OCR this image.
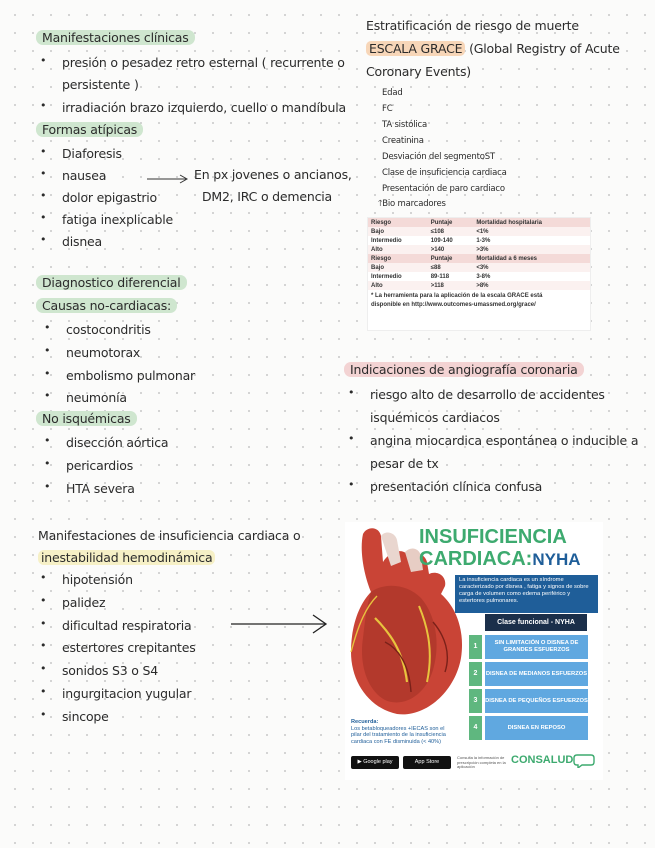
Manifestaciones clínicas
• presión o pesadez retro esternal ( recurrente o
persistente )
• irradiación brazo izquierdo, cuello o mandíbula
Formas atípicas
• Diaforesis
• nausea
• dolor epigastrio
• fatiga inexplicable
• disnea
En px jovenes o ancianos,
DM2, IRC o demencia
Diagnostico diferencial
Causas no-cardiacas:
• costocondritis
• neumotorax
• embolismo pulmonar
• neumonía
No isquémicas
• disección aórtica
• pericardios
• HTA severa
Manifestaciones de insuficiencia cardiaca o
inestabilidad hemodinámica
• hipotensión
• palidez
• dificultad respiratoria
• estertores crepitantes
• sonidos S3 o S4
• ingurgitacion yugular
• sincope
Estratificación de riesgo de muerte
ESCALA GRACE (Global Registry of Acute
Coronary Events)
Edad
FC
TA sistólica
Creatinina
Desviación del segmentoST
Clase de insuficiencia cardiaca
Presentación de paro cardiaco
🡑Bio marcadores
Riesgo	Puntaje	Mortalidad hospitalaria
Bajo	≤108	<1%
Intermedio	109-140	1-3%
Alto	>140	>3%
Riesgo	Puntaje	Mortalidad a 6 meses
Bajo	≤88	<3%
Intermedio	89-118	3-8%
Alto	>118	>8%
* La herramienta para la aplicación de la escala GRACE está
disponible en http://www.outcomes-umassmed.org/grace/
Indicaciones de angiografía coronaria
• riesgo alto de desarrollo de accidentes
isquémicos cardiacos
• angina miocardica espontánea o inducible a
pesar de tx
• presentación clínica confusa
INSUFICIENCIA
CARDIACA:NYHA
La insuficiencia cardiaca es un síndrome caracterizado por disnea , fatiga y signos de sobre carga de volumen como edema periférico y estertores pulmonares.
Clase funcional - NYHA
1	SIN LIMITACIÓN O DISNEA DE GRANDES ESFUERZOS
2	DISNEA DE MEDIANOS ESFUERZOS
3	DISNEA DE PEQUEÑOS ESFUERZOS
4	DISNEA EN REPOSO
Recuerda:
Los betabloqueadores +IECAS son el pilar del tratamiento de la insuficiencia cardiaca con FE disminuida (< 40%)
▶ Google play	App Store
Consulta la información de prescripción completa en la aplicación
CONSALUD
